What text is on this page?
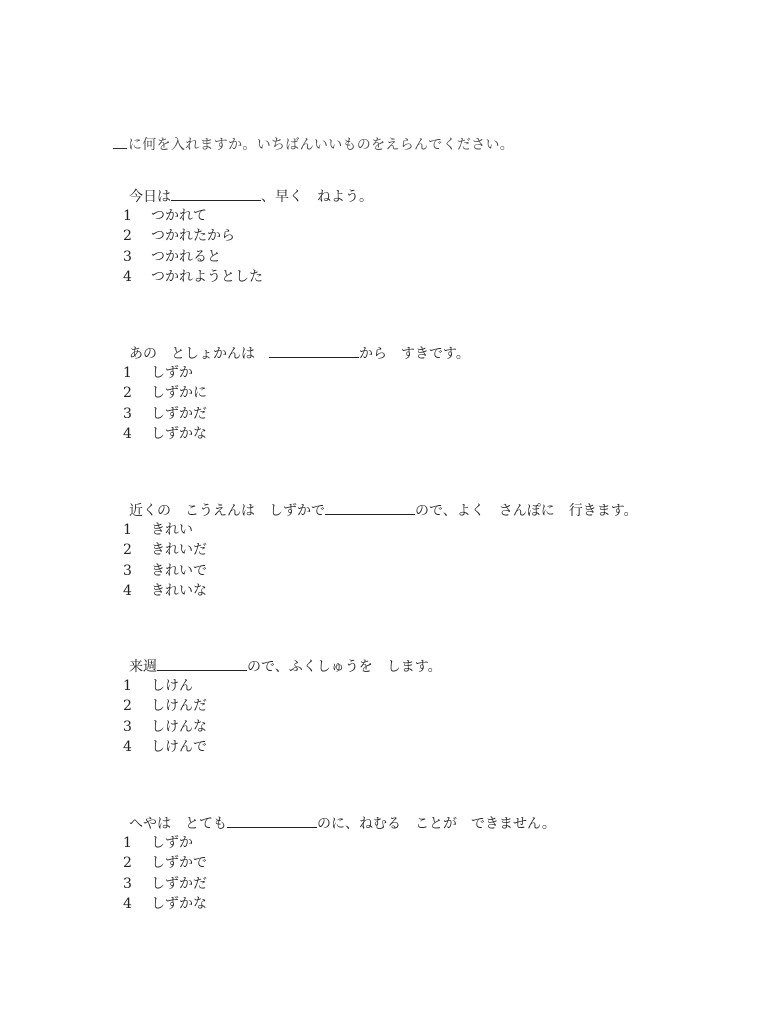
に何を入れますか。いちばんいいものをえらんでください。
今日は	、早く　ねよう。
1	つかれて
2	つかれたから
3	つかれると
4	つかれようとした
あの　としょかんは　	から　すきです。
1	しずか
2	しずかに
3	しずかだ
4	しずかな
近くの　こうえんは　しずかで	ので、よく　さんぽに　行きます。
1	きれい
2	きれいだ
3	きれいで
4	きれいな
来週	ので、ふくしゅうを　します。
1	しけん
2	しけんだ
3	しけんな
4	しけんで
へやは　とても	のに、ねむる　ことが　できません。
1	しずか
2	しずかで
3	しずかだ
4	しずかな
